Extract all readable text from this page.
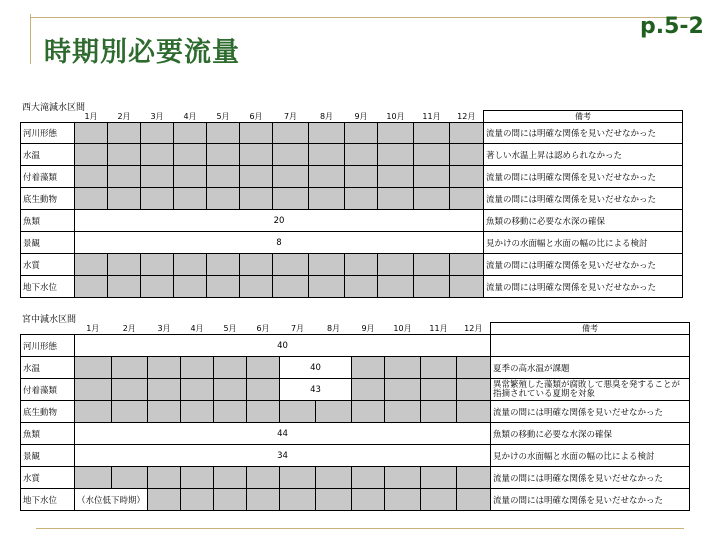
時期別必要流量
p.5-2
西大滝減水区間
	1月	2月	3月	4月	5月	6月	7月	8月	9月	10月	11月	12月	備考
河川形態													流量の間には明確な関係を見いだせなかった
水温													著しい水温上昇は認められなかった
付着藻類													流量の間には明確な関係を見いだせなかった
底生動物													流量の間には明確な関係を見いだせなかった
魚類	20												魚類の移動に必要な水深の確保
景観	8												見かけの水面幅と水面の幅の比による検討
水質													流量の間には明確な関係を見いだせなかった
地下水位													流量の間には明確な関係を見いだせなかった
宮中減水区間
	1月	2月	3月	4月	5月	6月	7月	8月	9月	10月	11月	12月	備考
河川形態	40												
水温							40						夏季の高水温が課題
付着藻類							43						異常繁殖した藻類が腐敗して悪臭を発することが指摘されている夏期を対象
底生動物													流量の間には明確な関係を見いだせなかった
魚類	44												魚類の移動に必要な水深の確保
景観	34												見かけの水面幅と水面の幅の比による検討
水質													流量の間には明確な関係を見いだせなかった
地下水位	（水位低下時期）												流量の間には明確な関係を見いだせなかった
